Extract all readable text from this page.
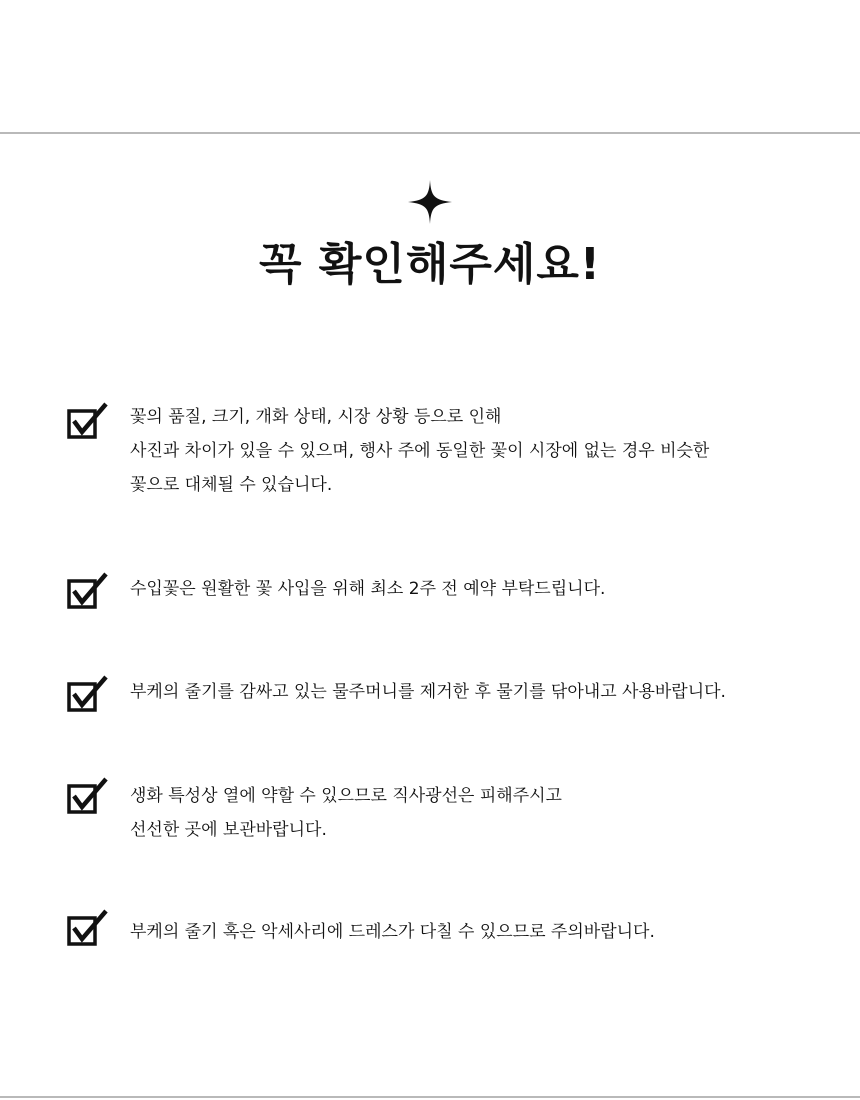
꼭 확인해주세요!
꽃의 품질, 크기, 개화 상태, 시장 상황 등으로 인해
사진과 차이가 있을 수 있으며, 행사 주에 동일한 꽃이 시장에 없는 경우 비슷한
꽃으로 대체될 수 있습니다.
수입꽃은 원활한 꽃 사입을 위해 최소 2주 전 예약 부탁드립니다.
부케의 줄기를 감싸고 있는 물주머니를 제거한 후 물기를 닦아내고 사용바랍니다.
생화 특성상 열에 약할 수 있으므로 직사광선은 피해주시고
선선한 곳에 보관바랍니다.
부케의 줄기 혹은 악세사리에 드레스가 다칠 수 있으므로 주의바랍니다.
